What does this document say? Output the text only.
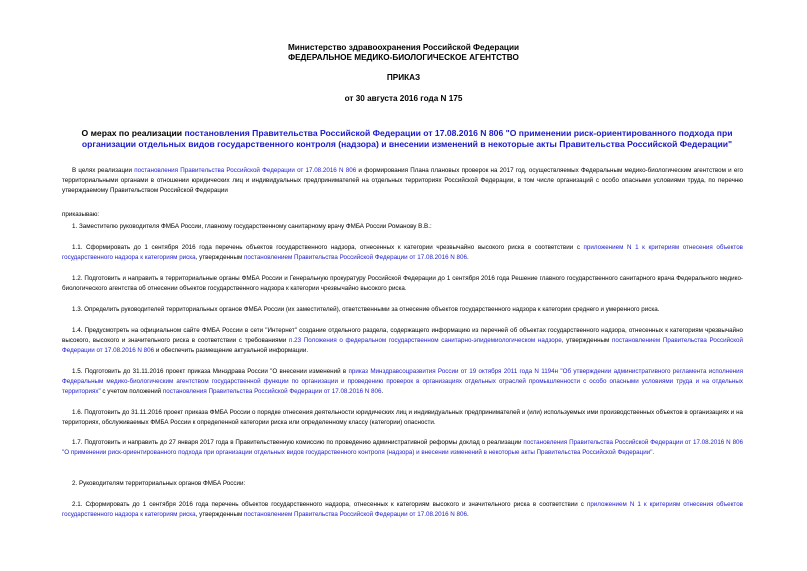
Министерство здравоохранения Российской Федерации
ФЕДЕРАЛЬНОЕ МЕДИКО-БИОЛОГИЧЕСКОЕ АГЕНТСТВО
ПРИКАЗ
от 30 августа 2016 года N 175
О мерах по реализации постановления Правительства Российской Федерации от 17.08.2016 N 806 "О применении риск-ориентированного подхода при организации отдельных видов государственного контроля (надзора) и внесении изменений в некоторые акты Правительства Российской Федерации"
В целях реализации постановления Правительства Российской Федерации от 17.08.2016 N 806 и формирования Плана плановых проверок на 2017 год, осуществляемых Федеральным медико-биологическим агентством и его территориальными органами в отношении юридических лиц и индивидуальных предпринимателей на отдельных территориях Российской Федерации, в том числе организаций с особо опасными условиями труда, по перечню утверждаемому Правительством Российской Федерации
приказываю:
1. Заместителю руководителя ФМБА России, главному государственному санитарному врачу ФМБА России Романову В.В.:
1.1. Сформировать до 1 сентября 2016 года перечень объектов государственного надзора, отнесенных к категории чрезвычайно высокого риска в соответствии с приложением N 1 к критериям отнесения объектов государственного надзора к категориям риска, утвержденным постановлением Правительства Российской Федерации от 17.08.2016 N 806.
1.2. Подготовить и направить в территориальные органы ФМБА России и Генеральную прокуратуру Российской Федерации до 1 сентября 2016 года Решение главного государственного санитарного врача Федерального медико-биологического агентства об отнесении объектов государственного надзора к категории чрезвычайно высокого риска.
1.3. Определить руководителей территориальных органов ФМБА России (их заместителей), ответственными за отнесение объектов государственного надзора к категории среднего и умеренного риска.
1.4. Предусмотреть на официальном сайте ФМБА России в сети "Интернет" создание отдельного раздела, содержащего информацию из перечней об объектах государственного надзора, отнесенных к категориям чрезвычайно высокого, высокого и значительного риска в соответствии с требованиями п.23 Положения о федеральном государственном санитарно-эпидемиологическом надзоре, утвержденным постановлением Правительства Российской Федерации от 17.08.2016 N 806 и обеспечить размещение актуальной информации.
1.5. Подготовить до 31.11.2016 проект приказа Минздрава России "О внесении изменений в приказ Минздравсоцразвития России от 19 октября 2011 года N 1194н "Об утверждении административного регламента исполнения Федеральным медико-биологическим агентством государственной функции по организации и проведению проверок в организациях отдельных отраслей промышленности с особо опасными условиями труда и на отдельных территориях" с учетом положений постановления Правительства Российской Федерации от 17.08.2016 N 806.
1.6. Подготовить до 31.11.2016 проект приказа ФМБА России о порядке отнесения деятельности юридических лиц и индивидуальных предпринимателей и (или) используемых ими производственных объектов в организациях и на территориях, обслуживаемых ФМБА России к определенной категории риска или определенному классу (категории) опасности.
1.7. Подготовить и направить до 27 января 2017 года в Правительственную комиссию по проведению административной реформы доклад о реализации постановления Правительства Российской Федерации от 17.08.2016 N 806 "О применении риск-ориентированного подхода при организации отдельных видов государственного контроля (надзора) и внесении изменений в некоторые акты Правительства Российской Федерации".
2. Руководителям территориальных органов ФМБА России:
2.1. Сформировать до 1 сентября 2016 года перечень объектов государственного надзора, отнесенных к категориям высокого и значительного риска в соответствии с приложением N 1 к критериям отнесения объектов государственного надзора к категориям риска, утвержденным постановлением Правительства Российской Федерации от 17.08.2016 N 806.
